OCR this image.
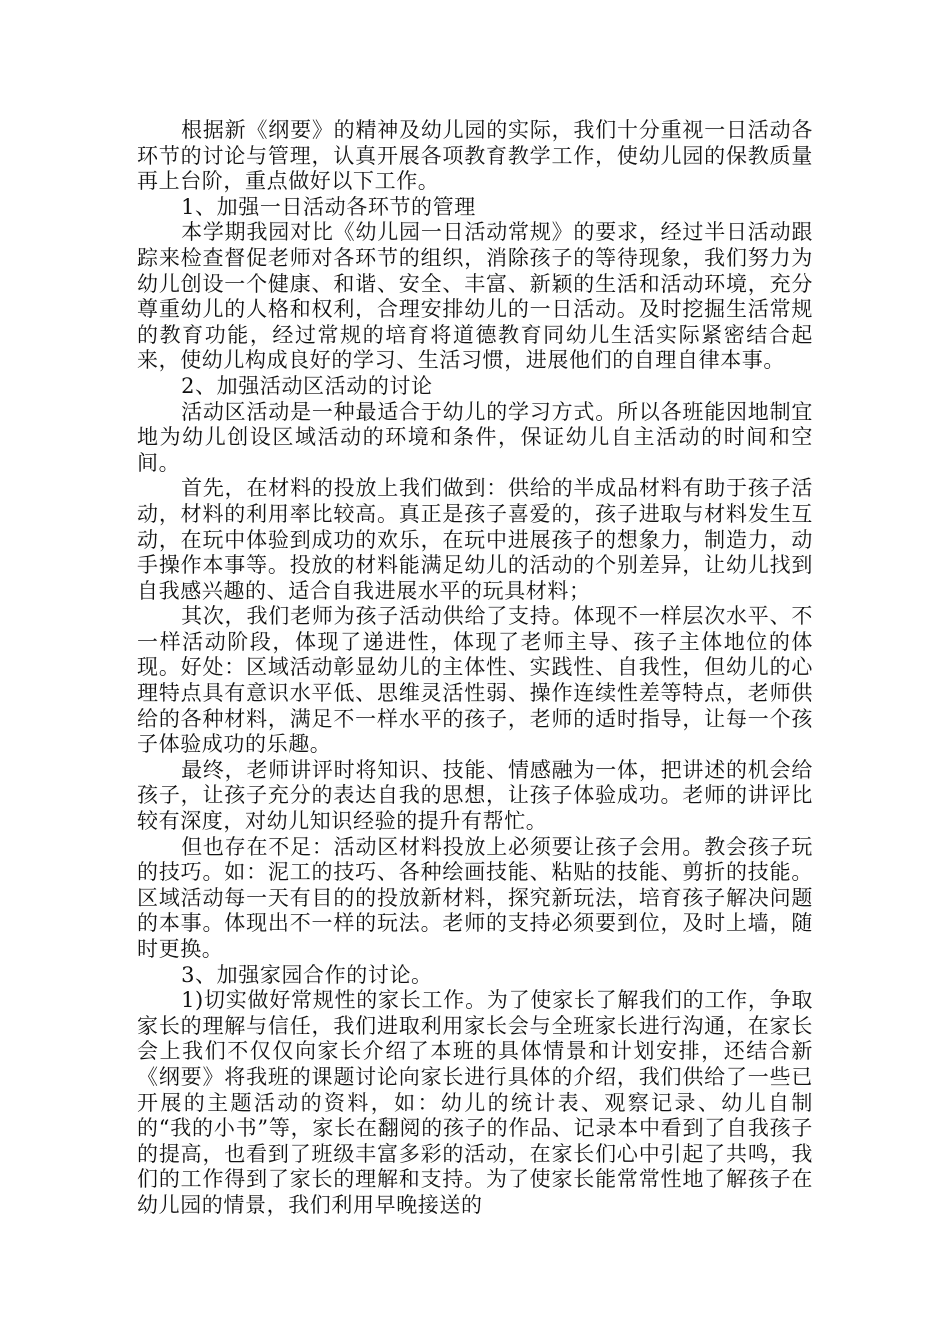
根据新《纲要》的精神及幼儿园的实际，我们十分重视一日活动各环节的讨论与管理，认真开展各项教育教学工作，使幼儿园的保教质量再上台阶，重点做好以下工作。

1、加强一日活动各环节的管理

本学期我园对比《幼儿园一日活动常规》的要求，经过半日活动跟踪来检查督促老师对各环节的组织，消除孩子的等待现象，我们努力为幼儿创设一个健康、和谐、安全、丰富、新颖的生活和活动环境，充分尊重幼儿的人格和权利，合理安排幼儿的一日活动。及时挖掘生活常规的教育功能，经过常规的培育将道德教育同幼儿生活实际紧密结合起来，使幼儿构成良好的学习、生活习惯，进展他们的自理自律本事。

2、加强活动区活动的讨论

活动区活动是一种最适合于幼儿的学习方式。所以各班能因地制宜地为幼儿创设区域活动的环境和条件，保证幼儿自主活动的时间和空间。

首先，在材料的投放上我们做到：供给的半成品材料有助于孩子活动，材料的利用率比较高。真正是孩子喜爱的，孩子进取与材料发生互动，在玩中体验到成功的欢乐，在玩中进展孩子的想象力，制造力，动手操作本事等。投放的材料能满足幼儿的活动的个别差异，让幼儿找到自我感兴趣的、适合自我进展水平的玩具材料；

其次，我们老师为孩子活动供给了支持。体现不一样层次水平、不一样活动阶段，体现了递进性，体现了老师主导、孩子主体地位的体现。好处：区域活动彰显幼儿的主体性、实践性、自我性，但幼儿的心理特点具有意识水平低、思维灵活性弱、操作连续性差等特点，老师供给的各种材料，满足不一样水平的孩子，老师的适时指导，让每一个孩子体验成功的乐趣。

最终，老师讲评时将知识、技能、情感融为一体，把讲述的机会给孩子，让孩子充分的表达自我的思想，让孩子体验成功。老师的讲评比较有深度，对幼儿知识经验的提升有帮忙。

但也存在不足：活动区材料投放上必须要让孩子会用。教会孩子玩的技巧。如：泥工的技巧、各种绘画技能、粘贴的技能、剪折的技能。区域活动每一天有目的的投放新材料，探究新玩法，培育孩子解决问题的本事。体现出不一样的玩法。老师的支持必须要到位，及时上墙，随时更换。

3、加强家园合作的讨论。

1)切实做好常规性的家长工作。为了使家长了解我们的工作，争取家长的理解与信任，我们进取利用家长会与全班家长进行沟通，在家长会上我们不仅仅向家长介绍了本班的具体情景和计划安排，还结合新《纲要》将我班的课题讨论向家长进行具体的介绍，我们供给了一些已开展的主题活动的资料，如：幼儿的统计表、观察记录、幼儿自制的“我的小书”等，家长在翻阅的孩子的作品、记录本中看到了自我孩子的提高，也看到了班级丰富多彩的活动，在家长们心中引起了共鸣，我们的工作得到了家长的理解和支持。为了使家长能常常性地了解孩子在幼儿园的情景，我们利用早晚接送的
